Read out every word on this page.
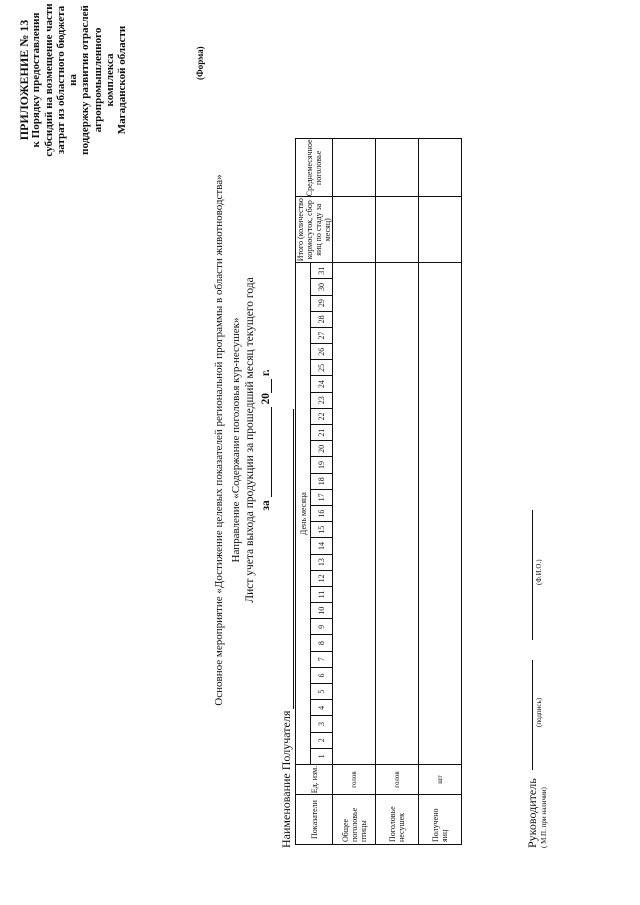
ПРИЛОЖЕНИЕ № 13 к Порядку предоставления субсидий на возмещение части затрат из областного бюджета на поддержку развития отраслей агропромышленного комплекса Магаданской области	(Форма)
Основное мероприятие «Достижение целевых показателей региональной программы в области животноводства» Направление «Содержание поголовья кур-несушек» Лист учета выхода продукции за прошедший месяц текущего года за  20 г.
Наименование Получателя Показатели	Ед. изм.	День месяца																															Итого (количество кормосуток, сбор яиц по стаду за месяц)	Среднемесячное поголовье
		1	2	3	4	5	6	7	8	9	10	11	12	13	14	15	16	17	18	19	20	21	22	23	24	25	26	27	28	29	30	31		
Общее поголовье птицы	голов																																	
Поголовье несушек	голов																																	
Получено яиц	шт																																		Руководитель ( М.П. при наличии)
(подпись)
(Ф.И.О.)
